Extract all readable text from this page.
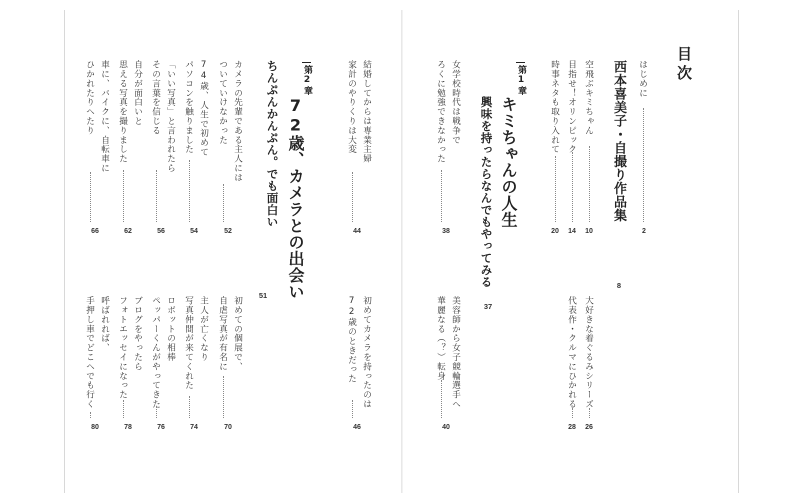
目次
はじめに
2
西本喜美子・自撮り作品集
8
空飛ぶキミちゃん
10
目指せ！オリンピック
14
時事ネタも取り入れて
20
大好きな着ぐるみシリーズ
26
代表作・クルマにひかれる
28
第1章
キミちゃんの人生
興味を持ったらなんでもやってみる
37
女学校時代は戦争で
ろくに勉強できなかった
38
美容師から女子競輪選手へ
華麗なる（？）転身
40
結婚してからは専業主婦
家計のやりくりは大変
44
初めてカメラを持ったのは
72歳のときだった
46
第2章
72歳、カメラとの出会い
ちんぷんかんぷん。でも面白い
51
カメラの先輩である主人には
ついていけなかった
52
74歳、人生で初めて
パソコンを触りました
54
「いい写真」と言われたら
その言葉を信じる
56
自分が面白いと
思える写真を撮りました
62
車に、バイクに、自転車に
ひかれたりへたり
66
初めての個展で、
自虐写真が有名に
70
主人が亡くなり
写真仲間が来てくれた
74
ロボットの相棒
ペッパーくんがやってきた
76
ブログをやったら
フォトエッセイになった
78
呼ばれれば、
手押し車でどこへでも行く
80
